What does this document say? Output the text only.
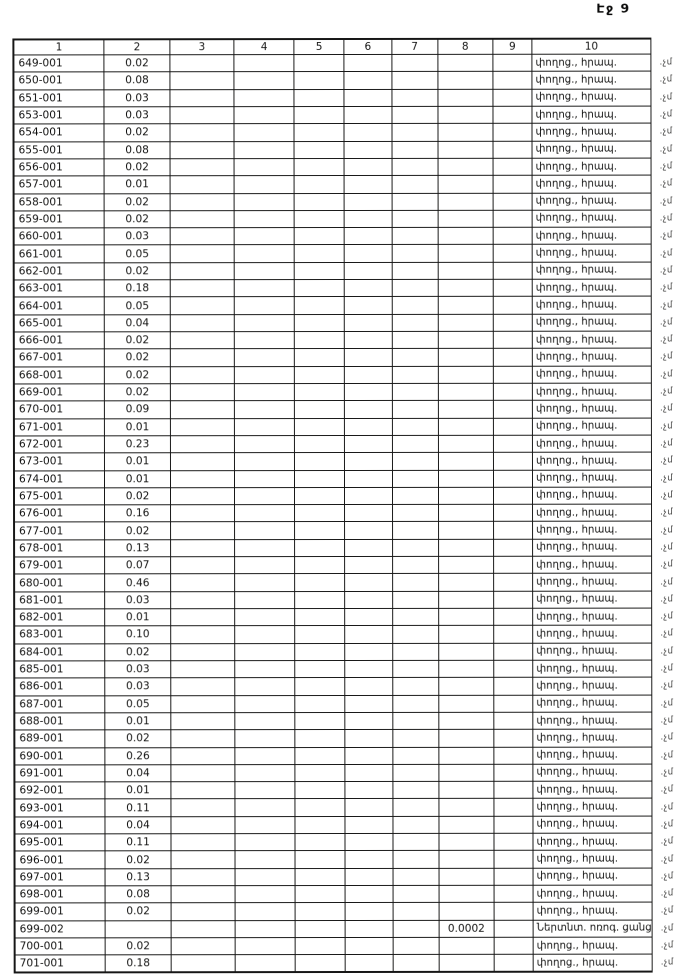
Էջ 9
1	2	3	4	5	6	7	8	9	10	
649-001	0.02								փողոց., հրապ.	.չմ
650-001	0.08								փողոց., հրապ.	.չմ
651-001	0.03								փողոց., հրապ.	.չմ
653-001	0.03								փողոց., հրապ.	.չմ
654-001	0.02								փողոց., հրապ.	.չմ
655-001	0.08								փողոց., հրապ.	.չմ
656-001	0.02								փողոց., հրապ.	.չմ
657-001	0.01								փողոց., հրապ.	.չմ
658-001	0.02								փողոց., հրապ.	.չմ
659-001	0.02								փողոց., հրապ.	.չմ
660-001	0.03								փողոց., հրապ.	.չմ
661-001	0.05								փողոց., հրապ.	.չմ
662-001	0.02								փողոց., հրապ.	.չմ
663-001	0.18								փողոց., հրապ.	.չմ
664-001	0.05								փողոց., հրապ.	.չմ
665-001	0.04								փողոց., հրապ.	.չմ
666-001	0.02								փողոց., հրապ.	.չմ
667-001	0.02								փողոց., հրապ.	.չմ
668-001	0.02								փողոց., հրապ.	.չմ
669-001	0.02								փողոց., հրապ.	.չմ
670-001	0.09								փողոց., հրապ.	.չմ
671-001	0.01								փողոց., հրապ.	.չմ
672-001	0.23								փողոց., հրապ.	.չմ
673-001	0.01								փողոց., հրապ.	.չմ
674-001	0.01								փողոց., հրապ.	.չմ
675-001	0.02								փողոց., հրապ.	.չմ
676-001	0.16								փողոց., հրապ.	.չմ
677-001	0.02								փողոց., հրապ.	.չմ
678-001	0.13								փողոց., հրապ.	.չմ
679-001	0.07								փողոց., հրապ.	.չմ
680-001	0.46								փողոց., հրապ.	.չմ
681-001	0.03								փողոց., հրապ.	.չմ
682-001	0.01								փողոց., հրապ.	.չմ
683-001	0.10								փողոց., հրապ.	.չմ
684-001	0.02								փողոց., հրապ.	.չմ
685-001	0.03								փողոց., հրապ.	.չմ
686-001	0.03								փողոց., հրապ.	.չմ
687-001	0.05								փողոց., հրապ.	.չմ
688-001	0.01								փողոց., հրապ.	.չմ
689-001	0.02								փողոց., հրապ.	.չմ
690-001	0.26								փողոց., հրապ.	.չմ
691-001	0.04								փողոց., հրապ.	.չմ
692-001	0.01								փողոց., հրապ.	.չմ
693-001	0.11								փողոց., հրապ.	.չմ
694-001	0.04								փողոց., հրապ.	.չմ
695-001	0.11								փողոց., հրապ.	.չմ
696-001	0.02								փողոց., հրապ.	.չմ
697-001	0.13								փողոց., հրապ.	.չմ
698-001	0.08								փողոց., հրապ.	.չմ
699-001	0.02								փողոց., հրապ.	.չմ
699-002							0.0002		Ներտնտ. ոռոգ. ցանց	.չմ
700-001	0.02								փողոց., հրապ.	.չմ
701-001	0.18								փողոց., հրապ.	.չմ
